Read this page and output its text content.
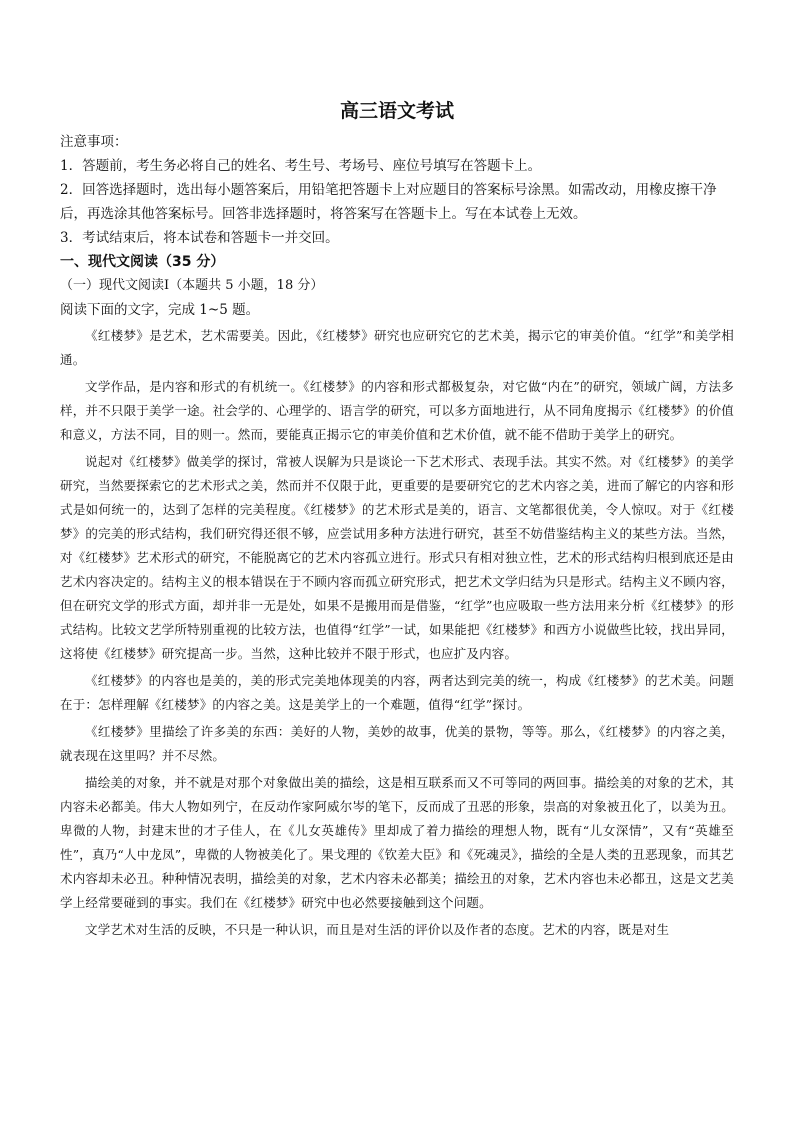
高三语文考试

注意事项：

1．答题前，考生务必将自己的姓名、考生号、考场号、座位号填写在答题卡上。

2．回答选择题时，选出每小题答案后，用铅笔把答题卡上对应题目的答案标号涂黑。如需改动，用橡皮擦干净后，再选涂其他答案标号。回答非选择题时，将答案写在答题卡上。写在本试卷上无效。

3．考试结束后，将本试卷和答题卡一并交回。

一、现代文阅读（35 分）

（一）现代文阅读Ⅰ（本题共 5 小题，18 分）

阅读下面的文字，完成 1~5 题。

《红楼梦》是艺术，艺术需要美。因此，《红楼梦》研究也应研究它的艺术美，揭示它的审美价值。“红学”和美学相通。

文学作品，是内容和形式的有机统一。《红楼梦》的内容和形式都极复杂，对它做“内在”的研究，领域广阔，方法多样，并不只限于美学一途。社会学的、心理学的、语言学的研究，可以多方面地进行，从不同角度揭示《红楼梦》的价值和意义，方法不同，目的则一。然而，要能真正揭示它的审美价值和艺术价值，就不能不借助于美学上的研究。

说起对《红楼梦》做美学的探讨，常被人误解为只是谈论一下艺术形式、表现手法。其实不然。对《红楼梦》的美学研究，当然要探索它的艺术形式之美，然而并不仅限于此，更重要的是要研究它的艺术内容之美，进而了解它的内容和形式是如何统一的，达到了怎样的完美程度。《红楼梦》的艺术形式是美的，语言、文笔都很优美，令人惊叹。对于《红楼梦》的完美的形式结构，我们研究得还很不够，应尝试用多种方法进行研究，甚至不妨借鉴结构主义的某些方法。当然，对《红楼梦》艺术形式的研究，不能脱离它的艺术内容孤立进行。形式只有相对独立性，艺术的形式结构归根到底还是由艺术内容决定的。结构主义的根本错误在于不顾内容而孤立研究形式，把艺术文学归结为只是形式。结构主义不顾内容，但在研究文学的形式方面，却并非一无是处，如果不是搬用而是借鉴，“红学”也应吸取一些方法用来分析《红楼梦》的形式结构。比较文艺学所特别重视的比较方法，也值得“红学”一试，如果能把《红楼梦》和西方小说做些比较，找出异同，这将使《红楼梦》研究提高一步。当然，这种比较并不限于形式，也应扩及内容。

《红楼梦》的内容也是美的，美的形式完美地体现美的内容，两者达到完美的统一，构成《红楼梦》的艺术美。问题在于：怎样理解《红楼梦》的内容之美。这是美学上的一个难题，值得“红学”探讨。

《红楼梦》里描绘了许多美的东西：美好的人物，美妙的故事，优美的景物，等等。那么，《红楼梦》的内容之美，就表现在这里吗？并不尽然。

描绘美的对象，并不就是对那个对象做出美的描绘，这是相互联系而又不可等同的两回事。描绘美的对象的艺术，其内容未必都美。伟大人物如列宁，在反动作家阿威尔岑的笔下，反而成了丑恶的形象，崇高的对象被丑化了，以美为丑。卑微的人物，封建末世的才子佳人，在《儿女英雄传》里却成了着力描绘的理想人物，既有“儿女深情”，又有“英雄至性”，真乃“人中龙凤”，卑微的人物被美化了。果戈理的《钦差大臣》和《死魂灵》，描绘的全是人类的丑恶现象，而其艺术内容却未必丑。种种情况表明，描绘美的对象，艺术内容未必都美；描绘丑的对象，艺术内容也未必都丑，这是文艺美学上经常要碰到的事实。我们在《红楼梦》研究中也必然要接触到这个问题。

文学艺术对生活的反映，不只是一种认识，而且是对生活的评价以及作者的态度。艺术的内容，既是对生
